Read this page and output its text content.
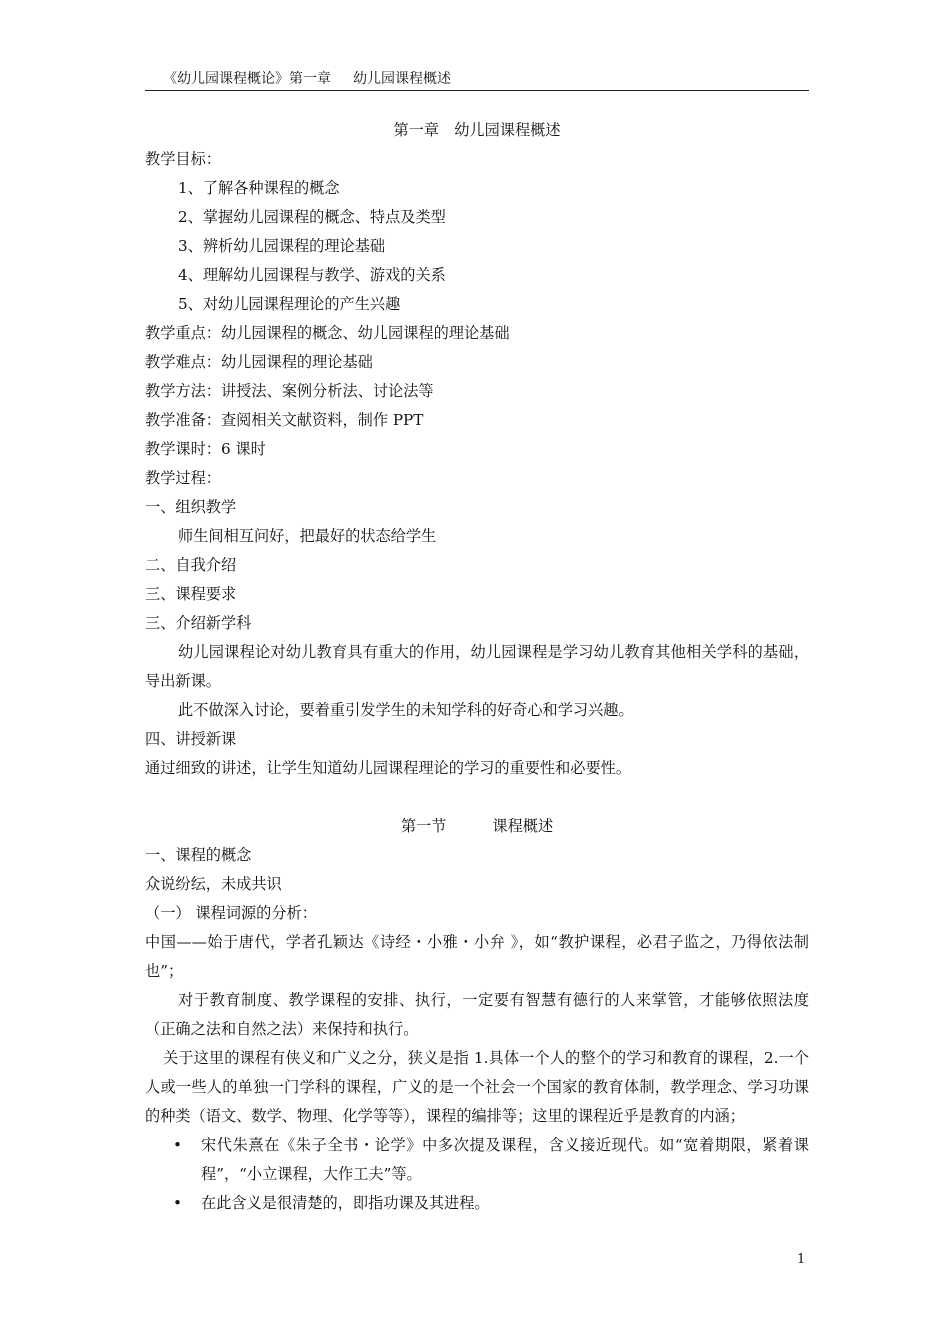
《幼儿园课程概论》第一章 幼儿园课程概述

第一章　幼儿园课程概述

教学目标：

1、了解各种课程的概念

2、掌握幼儿园课程的概念、特点及类型

3、辨析幼儿园课程的理论基础

4、理解幼儿园课程与教学、游戏的关系

5、对幼儿园课程理论的产生兴趣

教学重点：幼儿园课程的概念、幼儿园课程的理论基础

教学难点：幼儿园课程的理论基础

教学方法：讲授法、案例分析法、讨论法等

教学准备：查阅相关文献资料，制作 PPT

教学课时：6 课时

教学过程：

一、组织教学

师生间相互问好，把最好的状态给学生

二、自我介绍

三、课程要求

三、介绍新学科

幼儿园课程论对幼儿教育具有重大的作用，幼儿园课程是学习幼儿教育其他相关学科的基础，导出新课。

此不做深入讨论，要着重引发学生的未知学科的好奇心和学习兴趣。

四、讲授新课

通过细致的讲述，让学生知道幼儿园课程理论的学习的重要性和必要性。

第一节	课程概述

一、课程的概念

众说纷纭，未成共识

（一） 课程词源的分析：

中国——始于唐代，学者孔颖达《诗经・小雅・小弁 》，如“教护课程，必君子监之，乃得依法制也”；

对于教育制度、教学课程的安排、执行，一定要有智慧有德行的人来掌管，才能够依照法度（正确之法和自然之法）来保持和执行。

关于这里的课程有侠义和广义之分，狭义是指 1.具体一个人的整个的学习和教育的课程，2.一个人或一些人的单独一门学科的课程，广义的是一个社会一个国家的教育体制，教学理念、学习功课的种类（语文、数学、物理、化学等等），课程的编排等；这里的课程近乎是教育的内涵；

• 宋代朱熹在《朱子全书・论学》中多次提及课程，含义接近现代。如“宽着期限，紧着课程”，“小立课程，大作工夫”等。

• 在此含义是很清楚的，即指功课及其进程。

1
